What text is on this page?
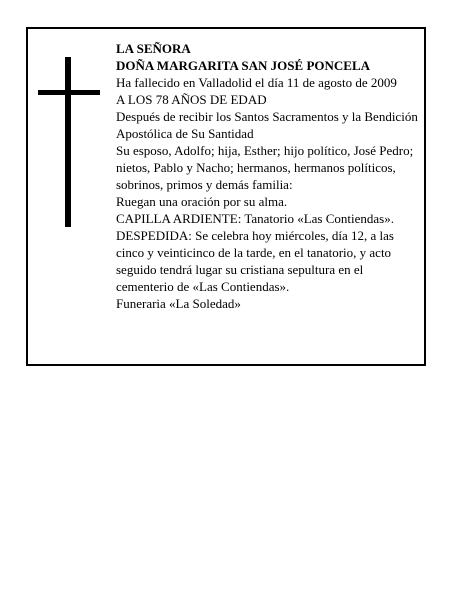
LA SEÑORA

DOÑA MARGARITA SAN JOSÉ PONCELA

Ha fallecido en Valladolid el día 11 de agosto de 2009

A LOS 78 AÑOS DE EDAD

Después de recibir los Santos Sacramentos y la Bendición Apostólica de Su Santidad

Su esposo, Adolfo; hija, Esther; hijo político, José Pedro; nietos, Pablo y Nacho; hermanos, hermanos políticos, sobrinos, primos y demás familia:

Ruegan una oración por su alma.

CAPILLA ARDIENTE: Tanatorio «Las Contiendas».

DESPEDIDA: Se celebra hoy miércoles, día 12, a las cinco y veinticinco de la tarde, en el tanatorio, y acto seguido tendrá lugar su cristiana sepultura en el cementerio de «Las Contiendas».

Funeraria «La Soledad»
